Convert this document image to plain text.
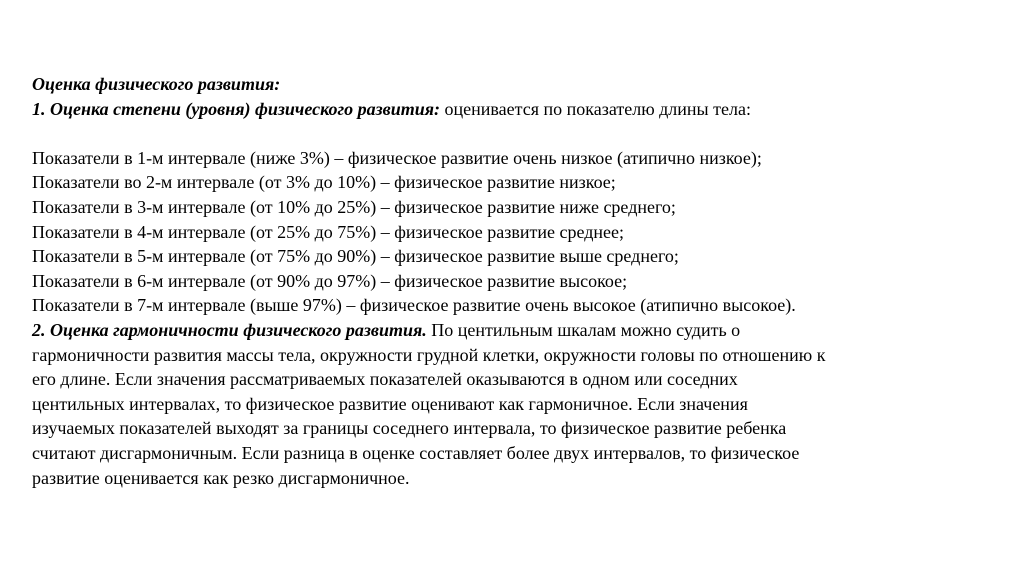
Оценка физического развития:

1. Оценка степени (уровня) физического развития: оценивается по показателю длины тела:

Показатели в 1-м интервале (ниже 3%) – физическое развитие очень низкое (атипично низкое);

Показатели во 2-м интервале (от 3% до 10%) – физическое развитие низкое;

Показатели в 3-м интервале (от 10% до 25%) – физическое развитие ниже среднего;

Показатели в 4-м интервале (от 25% до 75%) – физическое развитие среднее;

Показатели в 5-м интервале (от 75% до 90%) – физическое развитие выше среднего;

Показатели в 6-м интервале (от 90% до 97%) – физическое развитие высокое;

Показатели в 7-м интервале (выше 97%) – физическое развитие очень высокое (атипично высокое).

2. Оценка гармоничности физического развития. По центильным шкалам можно судить о

гармоничности развития массы тела, окружности грудной клетки, окружности головы по отношению к

его длине. Если значения рассматриваемых показателей оказываются в одном или соседних

центильных интервалах, то физическое развитие оценивают как гармоничное. Если значения

изучаемых показателей выходят за границы соседнего интервала, то физическое развитие ребенка

считают дисгармоничным. Если разница в оценке составляет более двух интервалов, то физическое

развитие оценивается как резко дисгармоничное.
